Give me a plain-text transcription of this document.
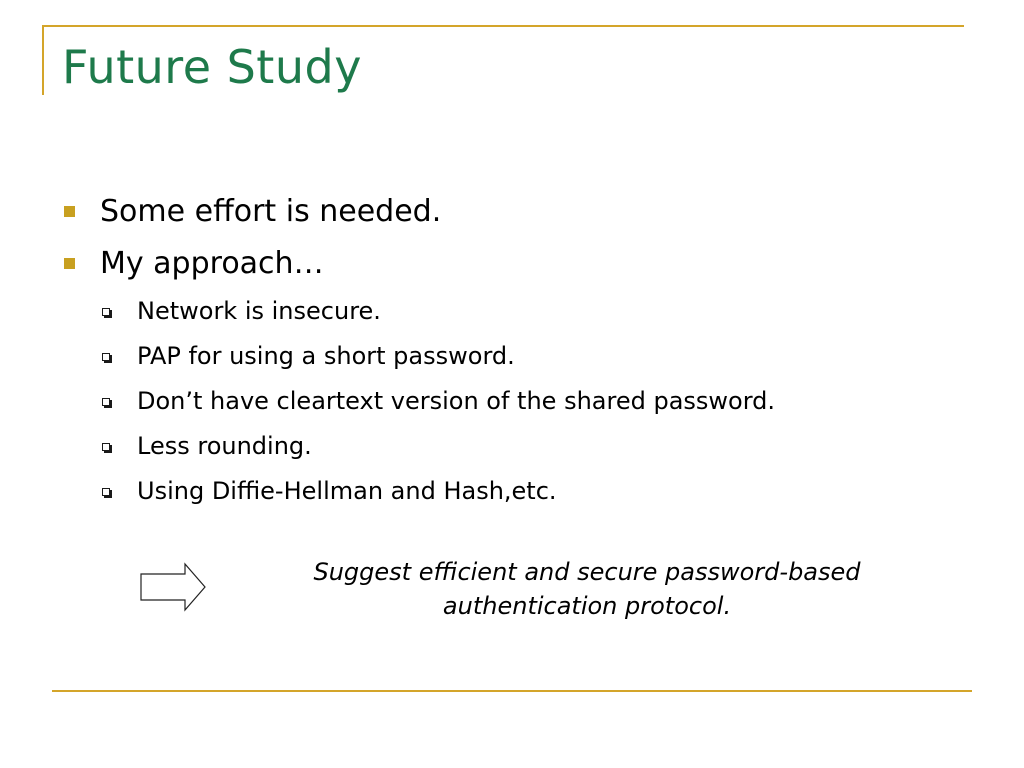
Future Study
Some effort is needed.
My approach…
Network is insecure.
PAP for using a short password.
Don’t have cleartext version of the shared password.
Less rounding.
Using Diffie-Hellman and Hash,etc.
Suggest efficient and secure password-based
authentication protocol.
